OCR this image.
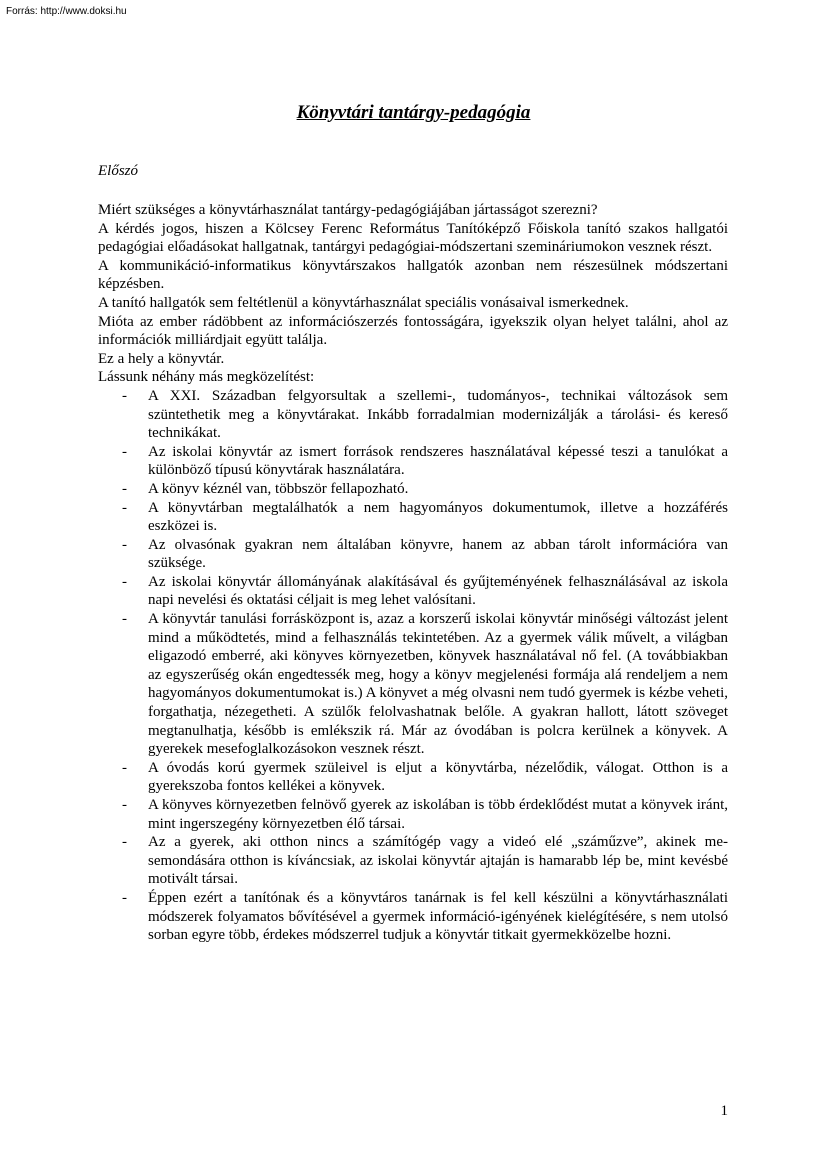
Forrás: http://www.doksi.hu
Könyvtári tantárgy-pedagógia
Előszó

Miért szükséges a könyvtárhasználat tantárgy-pedagógiájában jártasságot szerezni?

A kérdés jogos, hiszen a Kölcsey Ferenc Református Tanítóképző Főiskola tanító szakos hallgatói pedagógiai előadásokat hallgatnak, tantárgyi pedagógiai-módszertani szemináriumokon vesznek részt.

A kommunikáció-informatikus könyvtárszakos hallgatók azonban nem részesülnek módszertani képzésben.

A tanító hallgatók sem feltétlenül a könyvtárhasználat speciális vonásaival ismerkednek.

Mióta az ember rádöbbent az információszerzés fontosságára, igyekszik olyan helyet találni, ahol az információk milliárdjait együtt találja.

Ez a hely a könyvtár.

Lássunk néhány más megközelítést:

- A XXI. Században felgyorsultak a szellemi-, tudományos-, technikai változások sem szüntethetik meg a könyvtárakat. Inkább forradalmian modernizálják a tárolási- és kereső technikákat.
- Az iskolai könyvtár az ismert források rendszeres használatával képessé teszi a tanulókat a különböző típusú könyvtárak használatára.
- A könyv kéznél van, többször fellapozható.
- A könyvtárban megtalálhatók a nem hagyományos dokumentumok, illetve a hozzáférés eszközei is.
- Az olvasónak gyakran nem általában könyvre, hanem az abban tárolt információra van szüksége.
- Az iskolai könyvtár állományának alakításával és gyűjteményének felhasználásával az iskola napi nevelési és oktatási céljait is meg lehet valósítani.
- A könyvtár tanulási forrásközpont is, azaz a korszerű iskolai könyvtár minőségi változást jelent mind a működtetés, mind a felhasználás tekintetében. Az a gyermek válik művelt, a világban eligazodó emberré, aki könyves környezetben, könyvek használatával nő fel. (A továbbiakban az egyszerűség okán engedtessék meg, hogy a könyv megjelenési formája alá rendeljem a nem hagyományos dokumentumokat is.) A könyvet a még olvasni nem tudó gyermek is kézbe veheti, forgathatja, nézegetheti. A szülők felolvashatnak belőle. A gyakran hallott, látott szöveget megtanulhatja, később is emlékszik rá. Már az óvodában is polcra kerülnek a könyvek. A gyerekek mesefoglalkozásokon vesznek részt.
- A óvodás korú gyermek szüleivel is eljut a könyvtárba, nézelődik, válogat. Otthon is a gyerekszoba fontos kellékei a könyvek.
- A könyves környezetben felnövő gyerek az iskolában is több érdeklődést mutat a könyvek iránt, mint ingerszegény környezetben élő társai.
- Az a gyerek, aki otthon nincs a számítógép vagy a videó elé „száműzve”, akinek mesemondására otthon is kíváncsiak, az iskolai könyvtár ajtaján is hamarabb lép be, mint kevésbé motivált társai.
- Éppen ezért a tanítónak és a könyvtáros tanárnak is fel kell készülni a könyvtárhasználati módszerek folyamatos bővítésével a gyermek információ-igényének kielégítésére, s nem utolsó sorban egyre több, érdekes módszerrel tudjuk a könyvtár titkait gyermekközelbe hozni.
1
